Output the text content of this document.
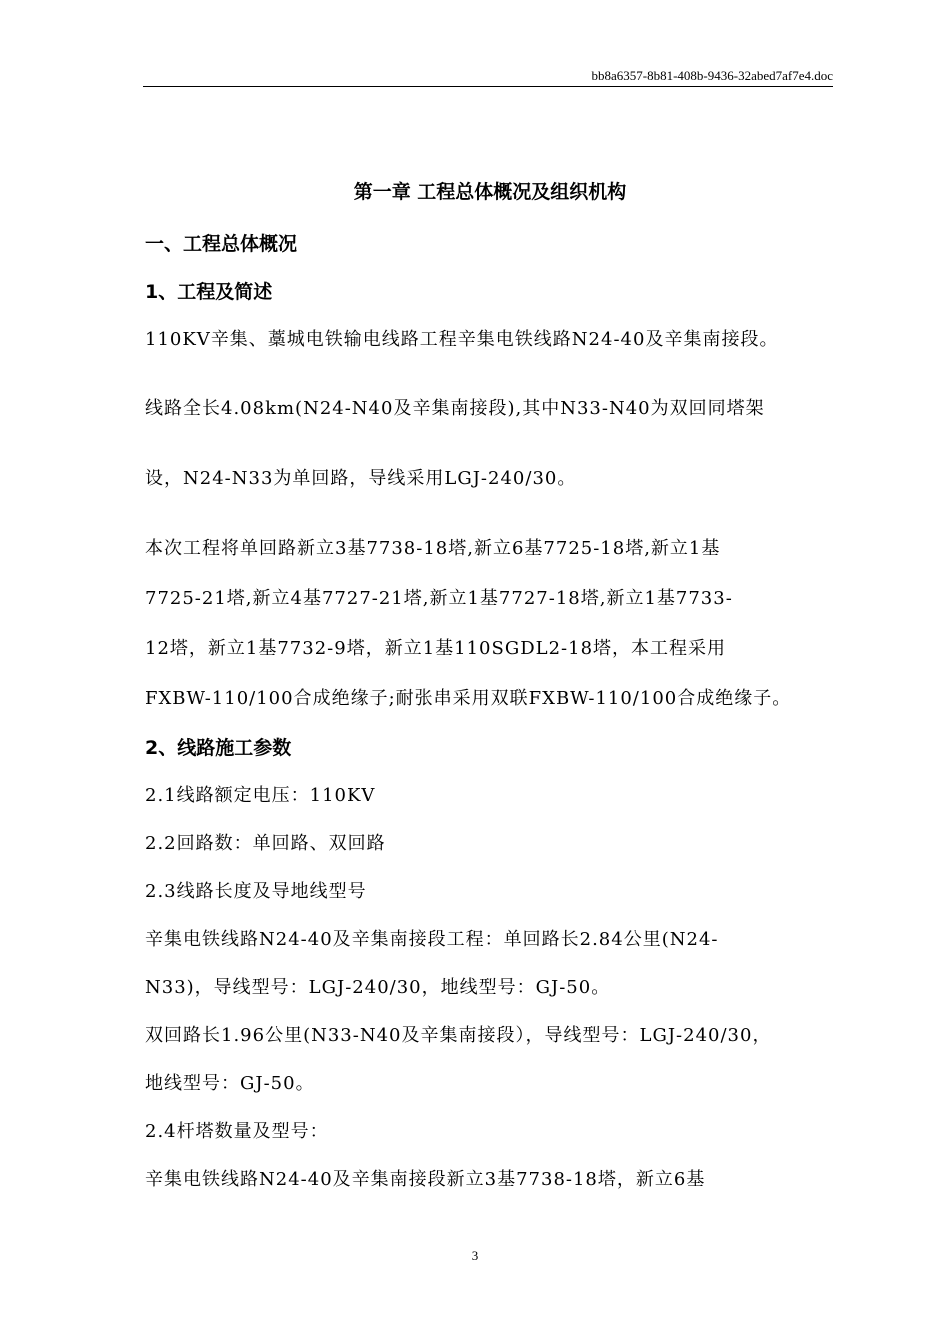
bb8a6357-8b81-408b-9436-32abed7af7e4.doc
第一章 工程总体概况及组织机构
一、工程总体概况
1、工程及简述

110KV辛集、藁城电铁输电线路工程辛集电铁线路N24-40及辛集南接段。

线路全长4.08km(N24-N40及辛集南接段),其中N33-N40为双回同塔架

设，N24-N33为单回路，导线采用LGJ-240/30。

本次工程将单回路新立3基7738-18塔,新立6基7725-18塔,新立1基

7725-21塔,新立4基7727-21塔,新立1基7727-18塔,新立1基7733-

12塔，新立1基7732-9塔，新立1基110SGDL2-18塔，本工程采用

FXBW-110/100合成绝缘子;耐张串采用双联FXBW-110/100合成绝缘子。

2、线路施工参数

2.1线路额定电压：110KV

2.2回路数：单回路、双回路

2.3线路长度及导地线型号

辛集电铁线路N24-40及辛集南接段工程：单回路长2.84公里(N24-

N33)，导线型号：LGJ-240/30，地线型号：GJ-50。

双回路长1.96公里(N33-N40及辛集南接段），导线型号：LGJ-240/30，

地线型号：GJ-50。

2.4杆塔数量及型号：

辛集电铁线路N24-40及辛集南接段新立3基7738-18塔，新立6基

3
